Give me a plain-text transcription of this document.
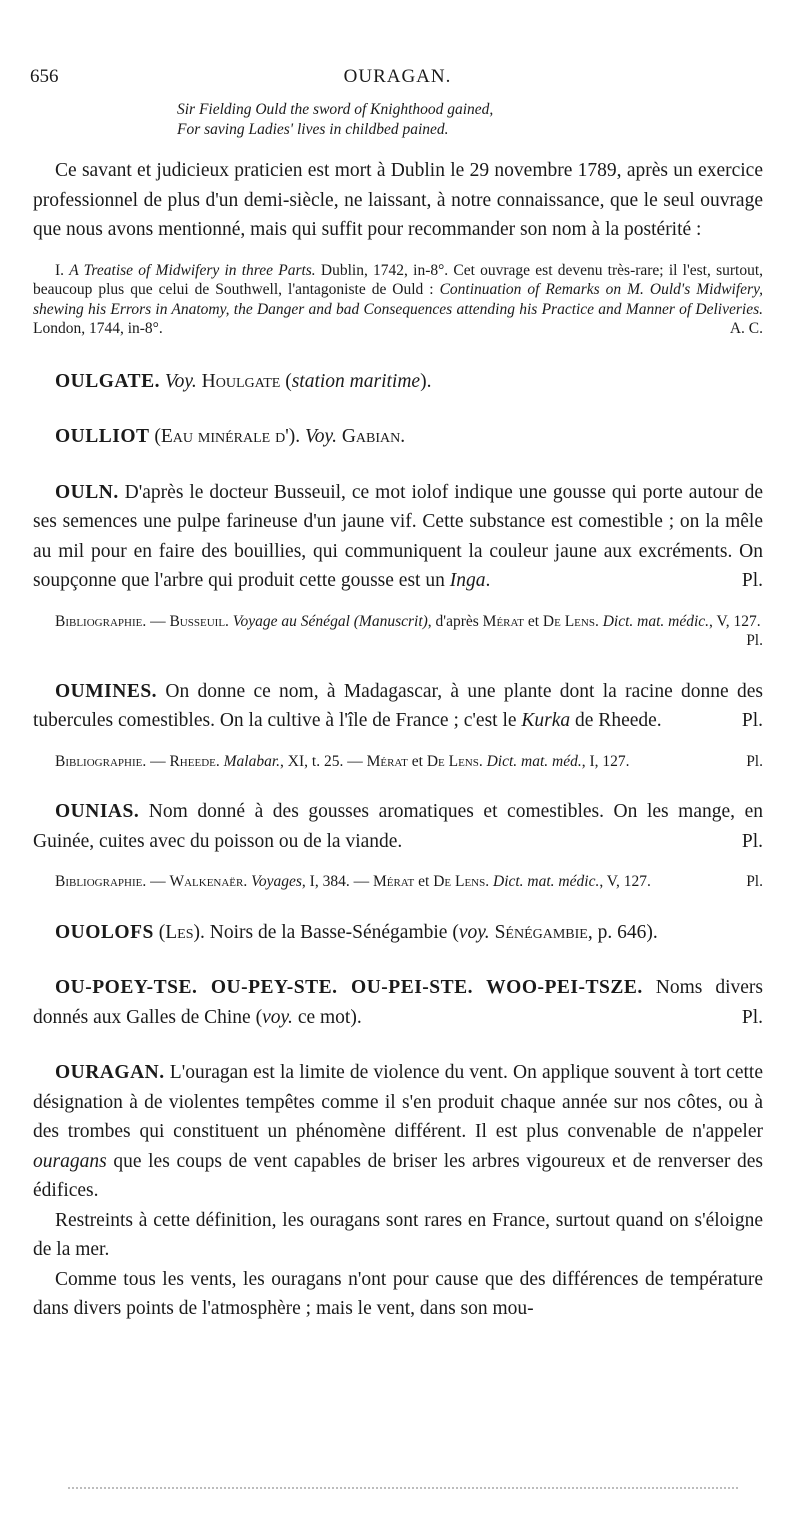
656	OURAGAN.

Sir Fielding Ould the sword of Knighthood gained,

For saving Ladies' lives in childbed pained.

Ce savant et judicieux praticien est mort à Dublin le 29 novembre 1789, après un exercice professionnel de plus d'un demi-siècle, ne laissant, à notre connaissance, que le seul ouvrage que nous avons mentionné, mais qui suffit pour recommander son nom à la postérité :

I. A Treatise of Midwifery in three Parts. Dublin, 1742, in-8°. Cet ouvrage est devenu très-rare; il l'est, surtout, beaucoup plus que celui de Southwell, l'antagoniste de Ould : Continuation of Remarks on M. Ould's Midwifery, shewing his Errors in Anatomy, the Danger and bad Consequences attending his Practice and Manner of Deliveries. London, 1744, in-8°.	A. C.

OULGATE. Voy. Houlgate (station maritime).

OULLIOT (Eau minérale d'). Voy. Gabian.

OULN. D'après le docteur Busseuil, ce mot iolof indique une gousse qui porte autour de ses semences une pulpe farineuse d'un jaune vif. Cette substance est comestible ; on la mêle au mil pour en faire des bouillies, qui communiquent la couleur jaune aux excréments. On soupçonne que l'arbre qui produit cette gousse est un Inga.	Pl.

Bibliographie. — Busseuil. Voyage au Sénégal (Manuscrit), d'après Mérat et De Lens. Dict. mat. médic., V, 127.
Pl.

OUMINES. On donne ce nom, à Madagascar, à une plante dont la racine donne des tubercules comestibles. On la cultive à l'île de France ; c'est le Kurka de Rheede.	Pl.

Bibliographie. — Rheede. Malabar., XI, t. 25. — Mérat et De Lens. Dict. mat. méd., I, 127.	Pl.

OUNIAS. Nom donné à des gousses aromatiques et comestibles. On les mange, en Guinée, cuites avec du poisson ou de la viande.	Pl.

Bibliographie. — Walkenaër. Voyages, I, 384. — Mérat et De Lens. Dict. mat. médic., V, 127.	Pl.

OUOLOFS (Les). Noirs de la Basse-Sénégambie (voy. Sénégambie, p. 646).

OU-POEY-TSE. OU-PEY-STE. OU-PEI-STE. WOO-PEI-TSZE. Noms divers donnés aux Galles de Chine (voy. ce mot).	Pl.

OURAGAN. L'ouragan est la limite de violence du vent. On applique souvent à tort cette désignation à de violentes tempêtes comme il s'en produit chaque année sur nos côtes, ou à des trombes qui constituent un phénomène différent. Il est plus convenable de n'appeler ouragans que les coups de vent capables de briser les arbres vigoureux et de renverser des édifices.

Restreints à cette définition, les ouragans sont rares en France, surtout quand on s'éloigne de la mer.

Comme tous les vents, les ouragans n'ont pour cause que des différences de température dans divers points de l'atmosphère ; mais le vent, dans son mou-
